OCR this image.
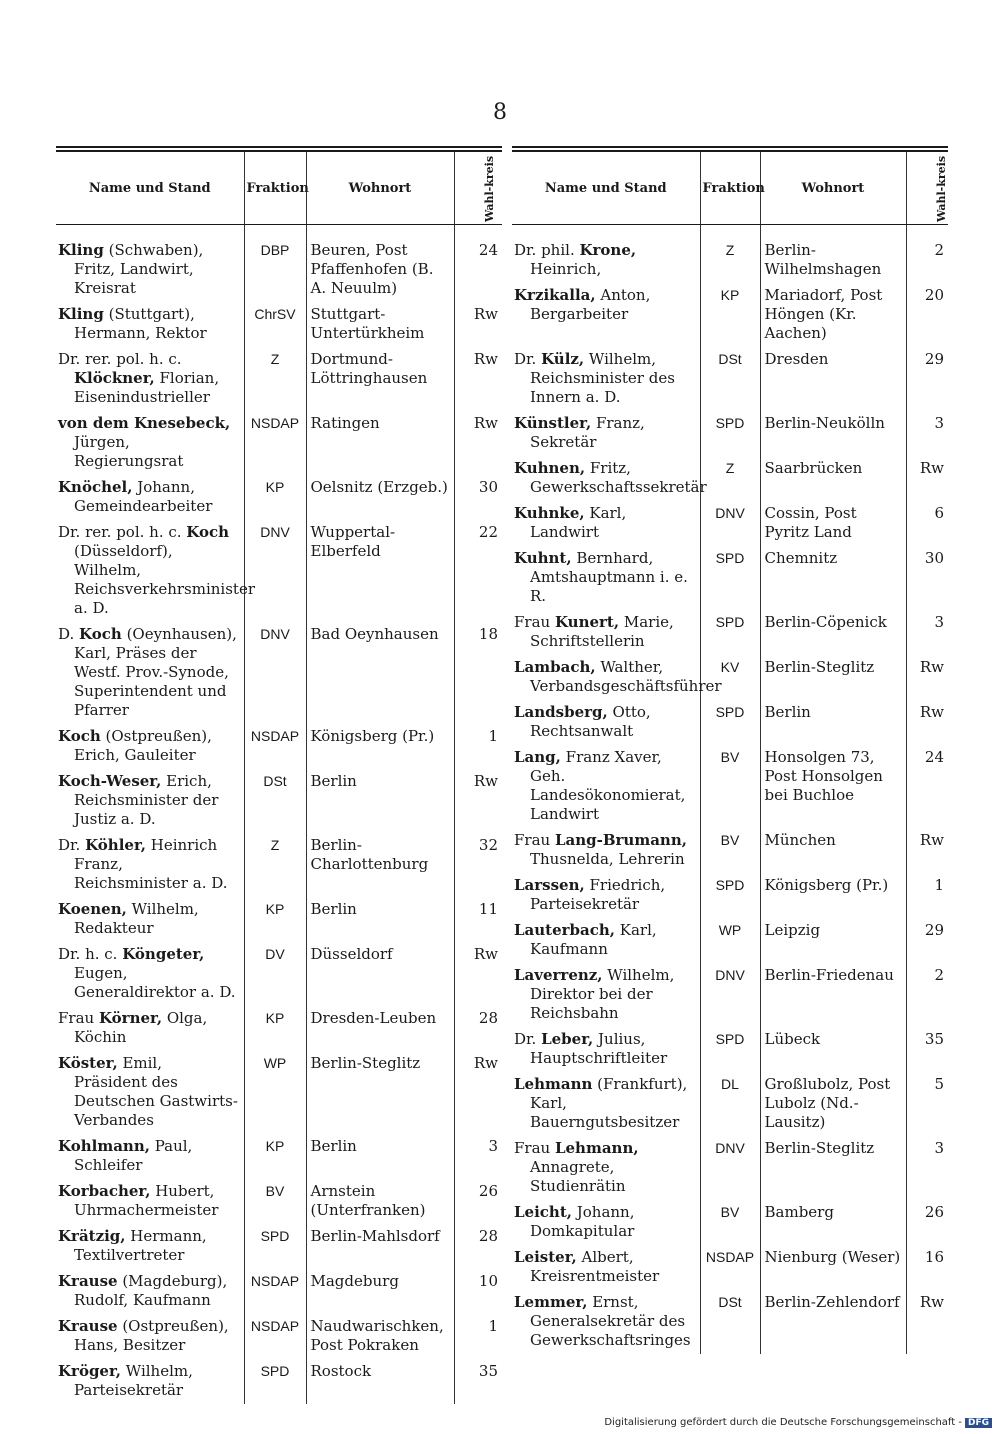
8
Name und Stand	Fraktion	Wohnort	Wahl-kreis

Kling (Schwaben), Fritz, Landwirt, Kreisrat	DBP	Beuren, Post Pfaffenhofen (B. A. Neuulm)	24

Kling (Stuttgart), Hermann, Rektor	ChrSV	Stuttgart-Untertürkheim	Rw

Dr. rer. pol. h. c. Klöckner, Florian, Eisenindustrieller	Z	Dortmund-Löttringhausen	Rw

von dem Knesebeck, Jürgen, Regierungsrat	NSDAP	Ratingen	Rw

Knöchel, Johann, Gemeindearbeiter	KP	Oelsnitz (Erzgeb.)	30

Dr. rer. pol. h. c. Koch (Düsseldorf), Wilhelm, Reichsverkehrsminister a. D.	DNV	Wuppertal-Elberfeld	22

D. Koch (Oeynhausen), Karl, Präses der Westf. Prov.-Synode, Superintendent und Pfarrer	DNV	Bad Oeynhausen	18

Koch (Ostpreußen), Erich, Gauleiter	NSDAP	Königsberg (Pr.)	1

Koch-Weser, Erich, Reichsminister der Justiz a. D.	DSt	Berlin	Rw

Dr. Köhler, Heinrich Franz, Reichsminister a. D.	Z	Berlin-Charlottenburg	32

Koenen, Wilhelm, Redakteur	KP	Berlin	11

Dr. h. c. Köngeter, Eugen, Generaldirektor a. D.	DV	Düsseldorf	Rw

Frau Körner, Olga, Köchin	KP	Dresden-Leuben	28

Köster, Emil, Präsident des Deutschen Gastwirts-Verbandes	WP	Berlin-Steglitz	Rw

Kohlmann, Paul, Schleifer	KP	Berlin	3

Korbacher, Hubert, Uhrmachermeister	BV	Arnstein (Unterfranken)	26

Krätzig, Hermann, Textilvertreter	SPD	Berlin-Mahlsdorf	28

Krause (Magdeburg), Rudolf, Kaufmann	NSDAP	Magdeburg	10

Krause (Ostpreußen), Hans, Besitzer	NSDAP	Naudwarischken, Post Pokraken	1

Kröger, Wilhelm, Parteisekretär	SPD	Rostock	35
Name und Stand	Fraktion	Wohnort	Wahl-kreis

Dr. phil. Krone, Heinrich,	Z	Berlin-Wilhelmshagen	2

Krzikalla, Anton, Bergarbeiter	KP	Mariadorf, Post Höngen (Kr. Aachen)	20

Dr. Külz, Wilhelm, Reichsminister des Innern a. D.	DSt	Dresden	29

Künstler, Franz, Sekretär	SPD	Berlin-Neukölln	3

Kuhnen, Fritz, Gewerkschaftssekretär	Z	Saarbrücken	Rw

Kuhnke, Karl, Landwirt	DNV	Cossin, Post Pyritz Land	6

Kuhnt, Bernhard, Amtshauptmann i. e. R.	SPD	Chemnitz	30

Frau Kunert, Marie, Schriftstellerin	SPD	Berlin-Cöpenick	3

Lambach, Walther, Verbandsgeschäftsführer	KV	Berlin-Steglitz	Rw

Landsberg, Otto, Rechtsanwalt	SPD	Berlin	Rw

Lang, Franz Xaver, Geh. Landesökonomierat, Landwirt	BV	Honsolgen 73, Post Honsolgen bei Buchloe	24

Frau Lang-Brumann, Thusnelda, Lehrerin	BV	München	Rw

Larssen, Friedrich, Parteisekretär	SPD	Königsberg (Pr.)	1

Lauterbach, Karl, Kaufmann	WP	Leipzig	29

Laverrenz, Wilhelm, Direktor bei der Reichsbahn	DNV	Berlin-Friedenau	2

Dr. Leber, Julius, Hauptschriftleiter	SPD	Lübeck	35

Lehmann (Frankfurt), Karl, Bauerngutsbesitzer	DL	Großlubolz, Post Lubolz (Nd.-Lausitz)	5

Frau Lehmann, Annagrete, Studienrätin	DNV	Berlin-Steglitz	3

Leicht, Johann, Domkapitular	BV	Bamberg	26

Leister, Albert, Kreisrentmeister	NSDAP	Nienburg (Weser)	16

Lemmer, Ernst, Generalsekretär des Gewerkschaftsringes	DSt	Berlin-Zehlendorf	Rw
Digitalisierung gefördert durch die Deutsche Forschungsgemeinschaft - DFG
